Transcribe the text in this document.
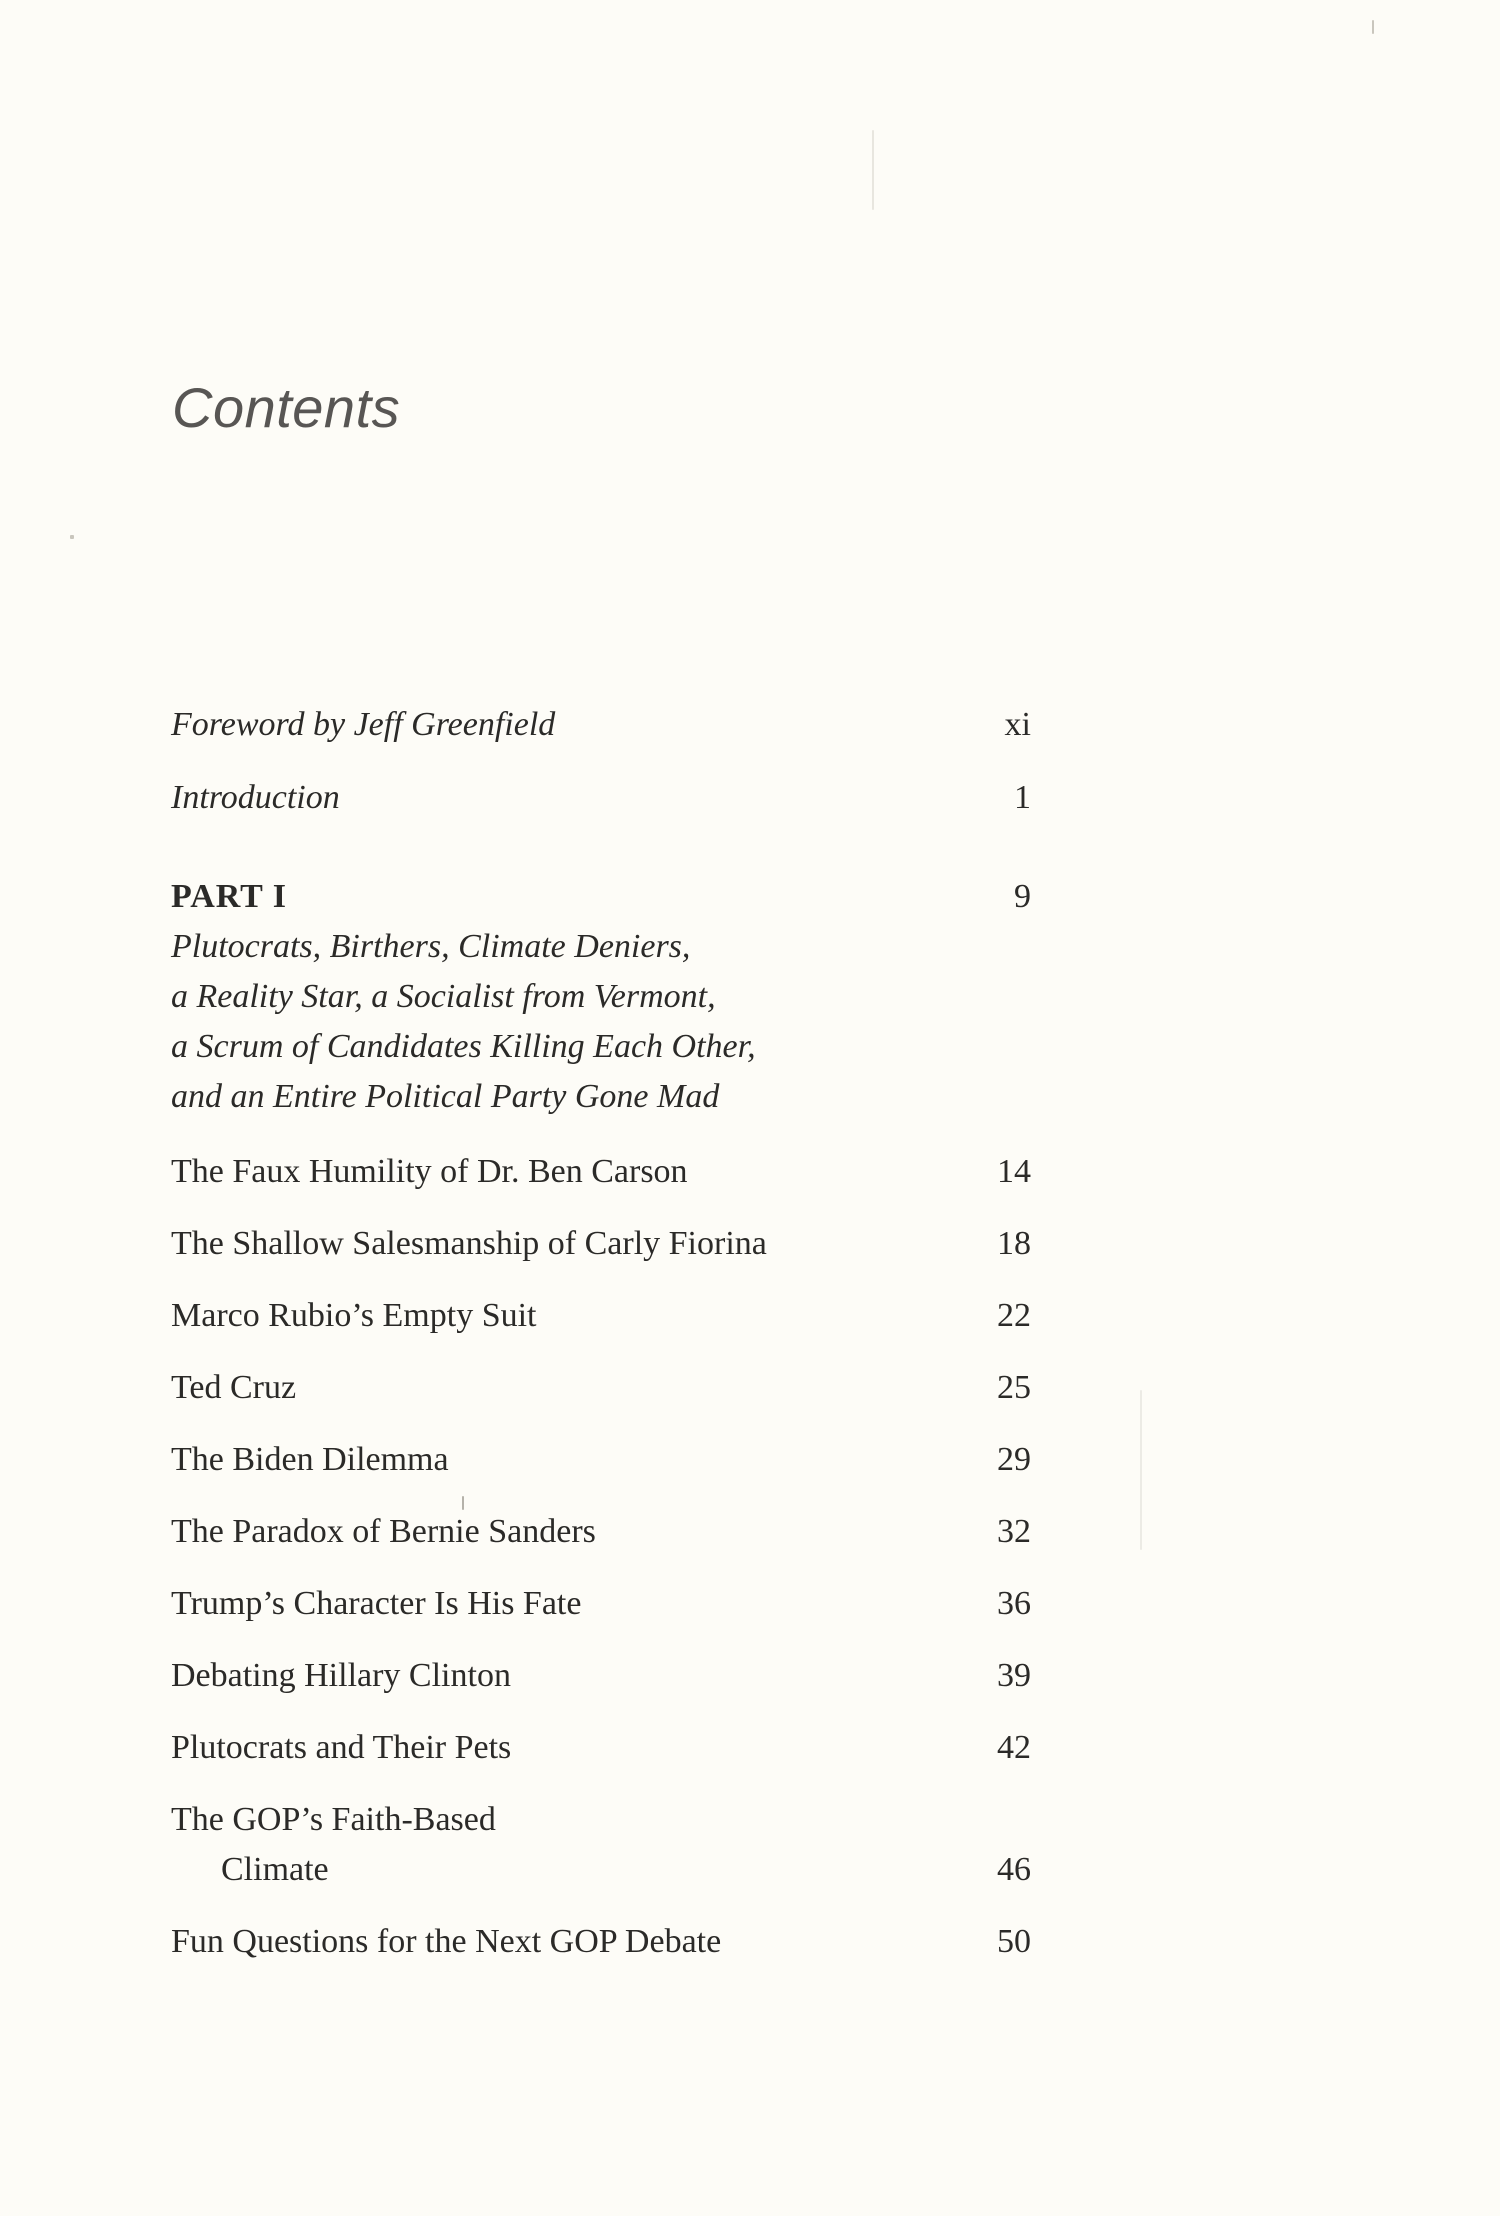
Contents
Foreword by Jeff Greenfield	xi
Introduction	1
PART I	9
Plutocrats, Birthers, Climate Deniers,
a Reality Star, a Socialist from Vermont,
a Scrum of Candidates Killing Each Other,
and an Entire Political Party Gone Mad
The Faux Humility of Dr. Ben Carson	14
The Shallow Salesmanship of Carly Fiorina	18
Marco Rubio’s Empty Suit	22
Ted Cruz	25
The Biden Dilemma	29
The Paradox of Bernie Sanders	32
Trump’s Character Is His Fate	36
Debating Hillary Clinton	39
Plutocrats and Their Pets	42
The GOP’s Faith-Based
Climate	46
Fun Questions for the Next GOP Debate	50
